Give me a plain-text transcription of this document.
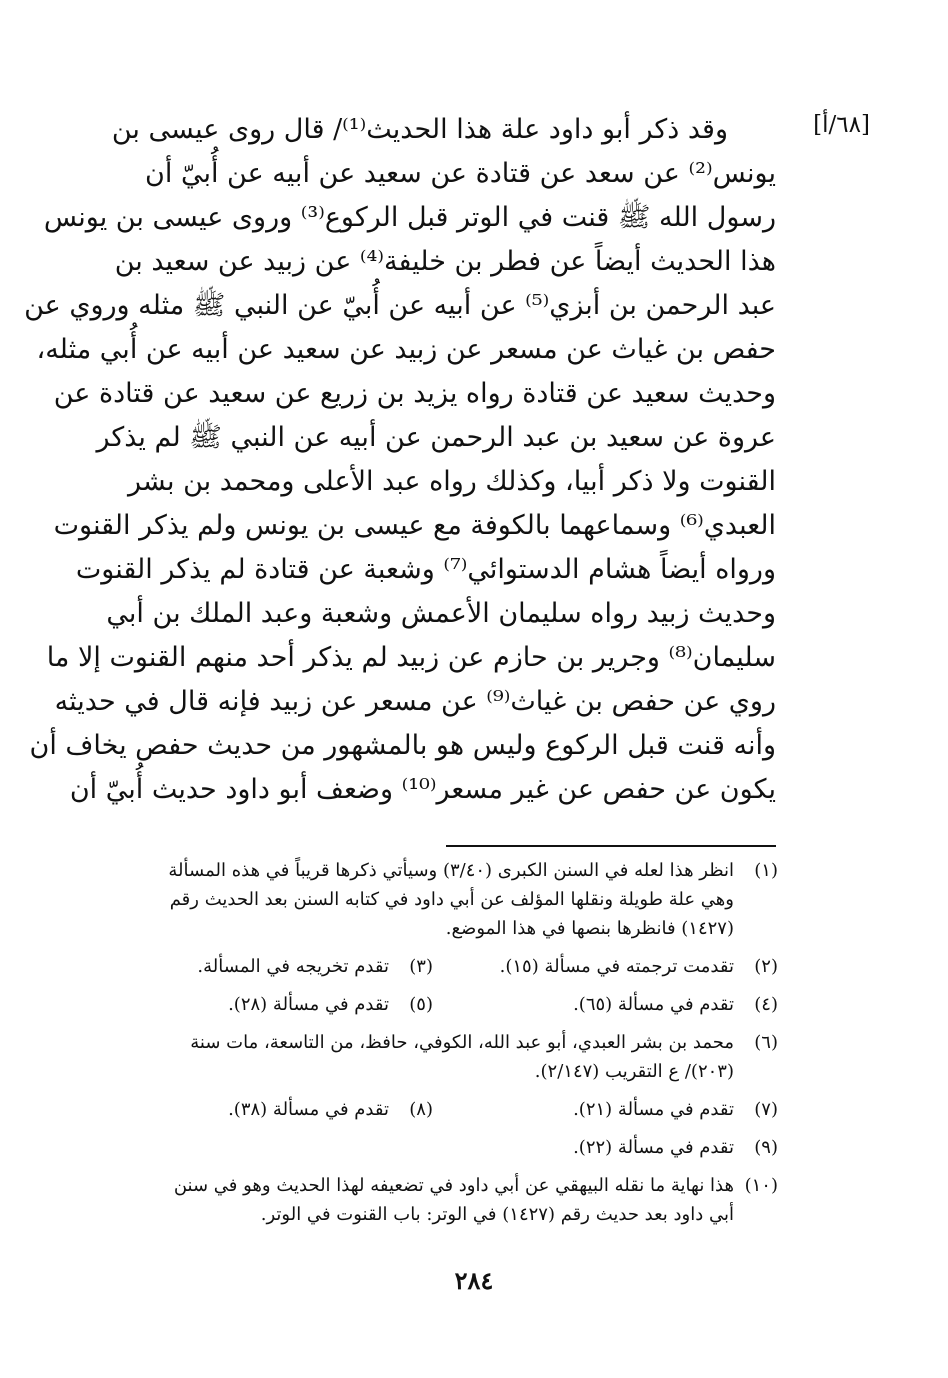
[٦٨/أ]
وقد ذكر أبو داود علة هذا الحديث⁽¹⁾/ قال روى عيسى بن
يونس⁽²⁾ عن سعد عن قتادة عن سعيد عن أبيه عن أُبيّ أن
رسول الله ﷺ قنت في الوتر قبل الركوع⁽³⁾ وروى عيسى بن يونس
هذا الحديث أيضاً عن فطر بن خليفة⁽⁴⁾ عن زبيد عن سعيد بن
عبد الرحمن بن أبزي⁽⁵⁾ عن أبيه عن أُبيّ عن النبي ﷺ مثله وروي عن
حفص بن غياث عن مسعر عن زبيد عن سعيد عن أبيه عن أُبي مثله،
وحديث سعيد عن قتادة رواه يزيد بن زريع عن سعيد عن قتادة عن
عروة عن سعيد بن عبد الرحمن عن أبيه عن النبي ﷺ لم يذكر
القنوت ولا ذكر أبيا، وكذلك رواه عبد الأعلى ومحمد بن بشر
العبدي⁽⁶⁾ وسماعهما بالكوفة مع عيسى بن يونس ولم يذكر القنوت
ورواه أيضاً هشام الدستوائي⁽⁷⁾ وشعبة عن قتادة لم يذكر القنوت
وحديث زبيد رواه سليمان الأعمش وشعبة وعبد الملك بن أبي
سليمان⁽⁸⁾ وجرير بن حازم عن زبيد لم يذكر أحد منهم القنوت إلا ما
روي عن حفص بن غياث⁽⁹⁾ عن مسعر عن زبيد فإنه قال في حديثه
وأنه قنت قبل الركوع وليس هو بالمشهور من حديث حفص يخاف أن
يكون عن حفص عن غير مسعر⁽¹⁰⁾ وضعف أبو داود حديث أُبيّ أن
(١)
انظر هذا لعله في السنن الكبرى (٣/٤٠) وسيأتي ذكرها قريباً في هذه المسألة
وهي علة طويلة ونقلها المؤلف عن أبي داود في كتابه السنن بعد الحديث رقم
(١٤٢٧) فانظرها بنصها في هذا الموضع.
(٢)
تقدمت ترجمته في مسألة (١٥).
(٣)
تقدم تخريجه في المسألة.
(٤)
تقدم في مسألة (٦٥).
(٥)
تقدم في مسألة (٢٨).
(٦)
محمد بن بشر العبدي، أبو عبد الله، الكوفي، حافظ، من التاسعة، مات سنة
(٢٠٣)/ ع التقريب (٢/١٤٧).
(٧)
تقدم في مسألة (٢١).
(٨)
تقدم في مسألة (٣٨).
(٩)
تقدم في مسألة (٢٢).
(١٠)
هذا نهاية ما نقله البيهقي عن أبي داود في تضعيفه لهذا الحديث وهو في سنن
أبي داود بعد حديث رقم (١٤٢٧) في الوتر: باب القنوت في الوتر.
٢٨٤
